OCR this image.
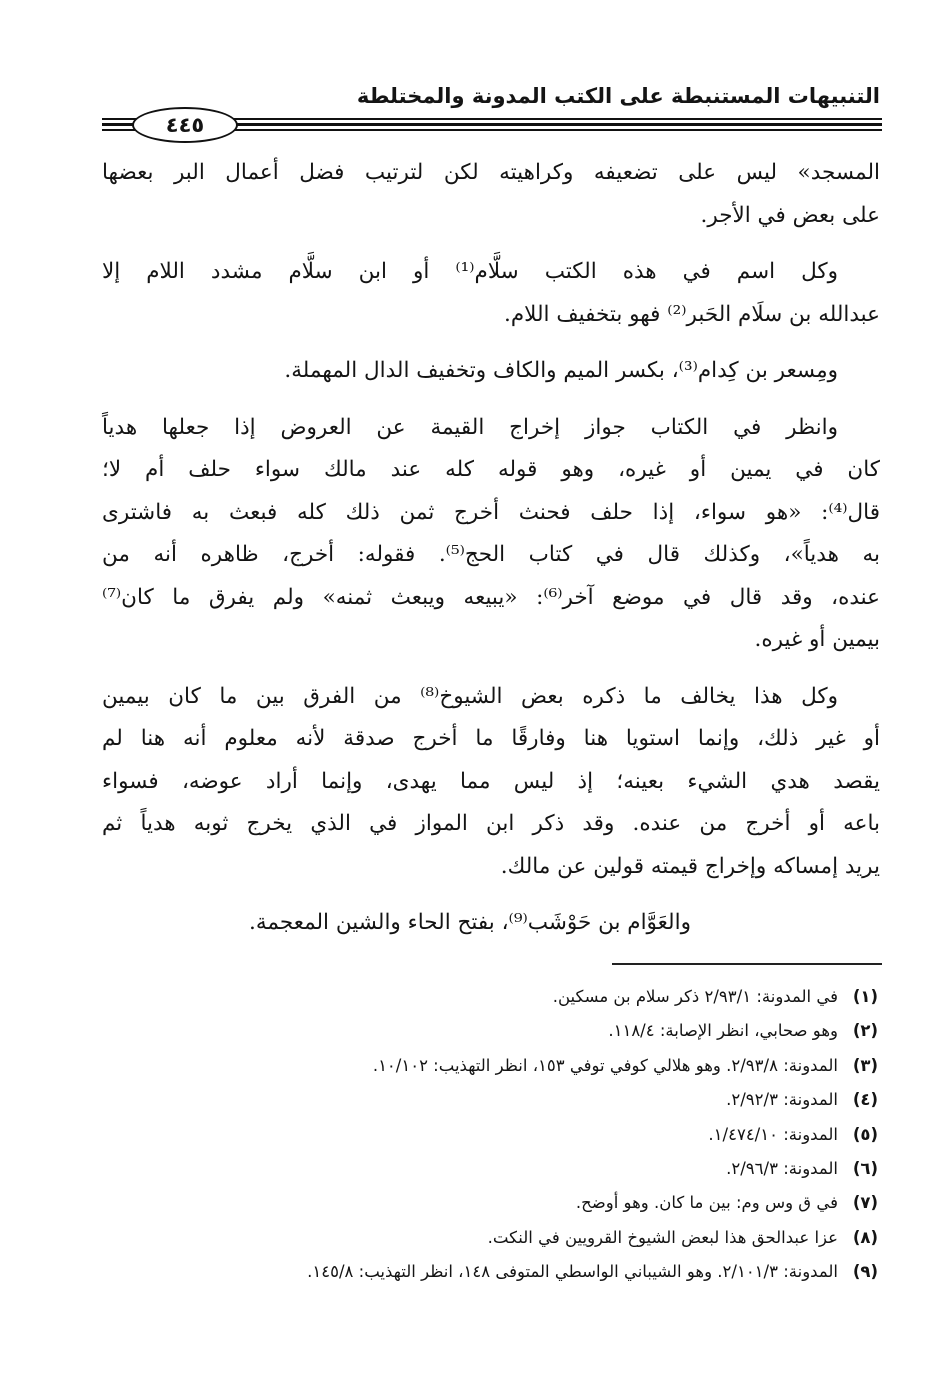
التنبيهات المستنبطة على الكتب المدونة والمختلطة
٤٤٥
المسجد» ليس على تضعيفه وكراهيته لكن لترتيب فضل أعمال البر بعضها
على بعض في الأجر.
وكل اسم في هذه الكتب سلَّام⁽¹⁾ أو ابن سلَّام مشدد اللام إلا
عبدالله بن سلَام الحَبر⁽²⁾ فهو بتخفيف اللام.
ومِسعر بن كِدام⁽³⁾، بكسر الميم والكاف وتخفيف الدال المهملة.
وانظر في الكتاب جواز إخراج القيمة عن العروض إذا جعلها هدياً
كان في يمين أو غيره، وهو قوله كله عند مالك سواء حلف أم لا؛
قال⁽⁴⁾: «هو سواء، إذا حلف فحنث أخرج ثمن ذلك كله فبعث به فاشترى
به هدياً»، وكذلك قال في كتاب الحج⁽⁵⁾. فقوله: أخرج، ظاهره أنه من
عنده، وقد قال في موضع آخر⁽⁶⁾: «يبيعه ويبعث ثمنه» ولم يفرق ما كان⁽⁷⁾
بيمين أو غيره.
وكل هذا يخالف ما ذكره بعض الشيوخ⁽⁸⁾ من الفرق بين ما كان بيمين
أو غير ذلك، وإنما استويا هنا وفارقًا ما أخرج صدقة لأنه معلوم أنه هنا لم
يقصد هدي الشيء بعينه؛ إذ ليس مما يهدى، وإنما أراد عوضه، فسواء
باعه أو أخرج من عنده. وقد ذكر ابن المواز في الذي يخرج ثوبه هدياً ثم
يريد إمساكه وإخراج قيمته قولين عن مالك.
والعَوَّام بن حَوْشَب⁽⁹⁾، بفتح الحاء والشين المعجمة.
(١)
في المدونة: ٢/٩٣/١ ذكر سلام بن مسكين.
(٢)
وهو صحابي، انظر الإصابة: ١١٨/٤.
(٣)
المدونة: ٢/٩٣/٨. وهو هلالي كوفي توفي ١٥٣، انظر التهذيب: ١٠/١٠٢.
(٤)
المدونة: ٢/٩٢/٣.
(٥)
المدونة: ١/٤٧٤/١٠.
(٦)
المدونة: ٢/٩٦/٣.
(٧)
في ق وس وم: بين ما كان. وهو أوضح.
(٨)
عزا عبدالحق هذا لبعض الشيوخ القرويين في النكت.
(٩)
المدونة: ٢/١٠١/٣. وهو الشيباني الواسطي المتوفى ١٤٨، انظر التهذيب: ١٤٥/٨.
